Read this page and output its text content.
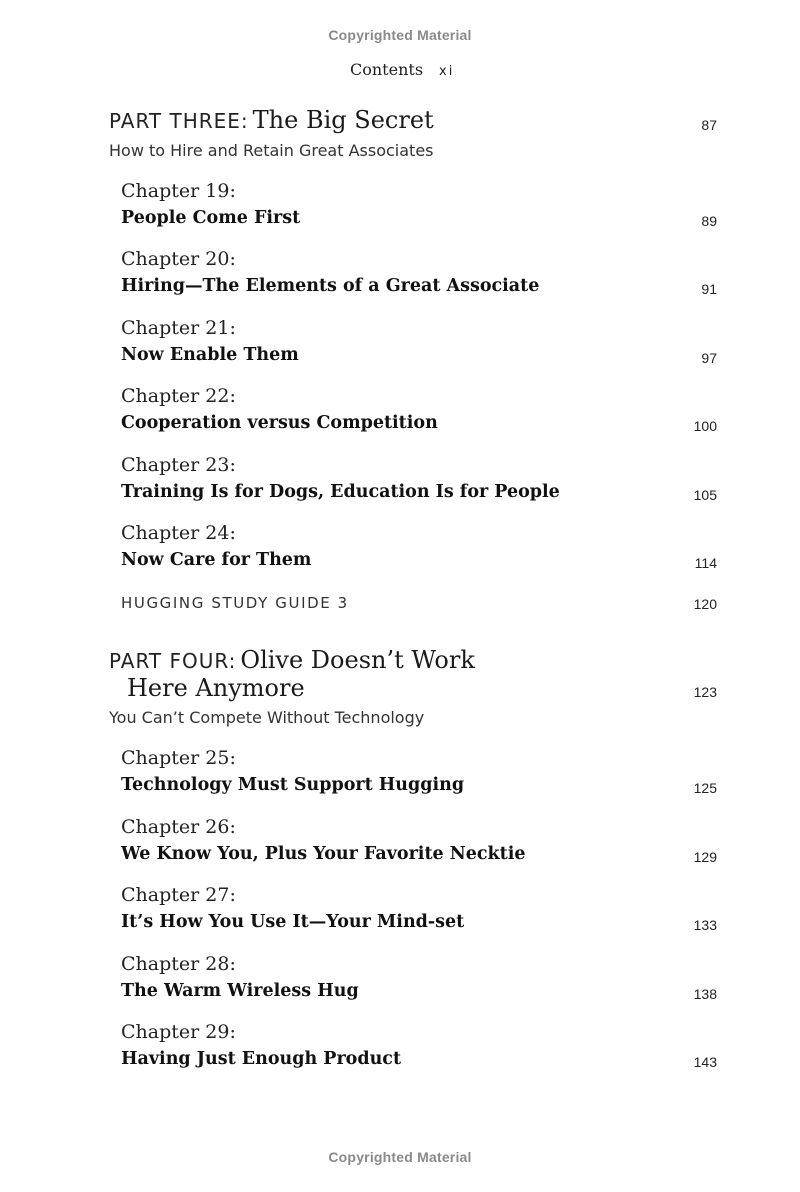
Copyrighted Material
Contents xi
PART THREE: The Big Secret	87
How to Hire and Retain Great Associates
Chapter 19:
People Come First	89
Chapter 20:
Hiring—The Elements of a Great Associate	91
Chapter 21:
Now Enable Them	97
Chapter 22:
Cooperation versus Competition	100
Chapter 23:
Training Is for Dogs, Education Is for People	105
Chapter 24:
Now Care for Them	114
HUGGING STUDY GUIDE 3	120
PART FOUR: Olive Doesn’t Work
Here Anymore	123
You Can’t Compete Without Technology
Chapter 25:
Technology Must Support Hugging	125
Chapter 26:
We Know You, Plus Your Favorite Necktie	129
Chapter 27:
It’s How You Use It—Your Mind-set	133
Chapter 28:
The Warm Wireless Hug	138
Chapter 29:
Having Just Enough Product	143
Copyrighted Material
